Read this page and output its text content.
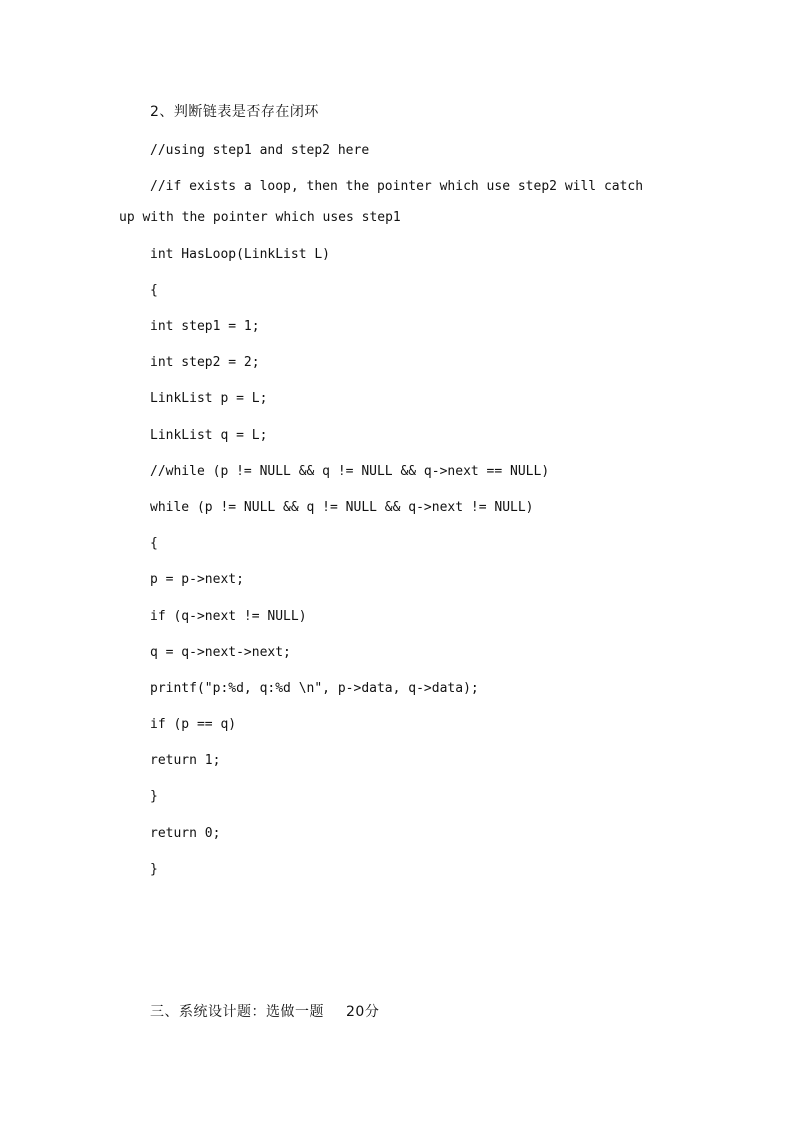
2、判断链表是否存在闭环
//using step1 and step2 here
//if exists a loop, then the pointer which use step2 will catch
up with the pointer which uses step1
int HasLoop(LinkList L)
{
int step1 = 1;
int step2 = 2;
LinkList p = L;
LinkList q = L;
//while (p != NULL && q != NULL && q->next == NULL)
while (p != NULL && q != NULL && q->next != NULL)
{
p = p->next;
if (q->next != NULL)
q = q->next->next;
printf("p:%d, q:%d \n", p->data, q->data);
if (p == q)
return 1;
}
return 0;
}
三、系统设计题：选做一题 20分
